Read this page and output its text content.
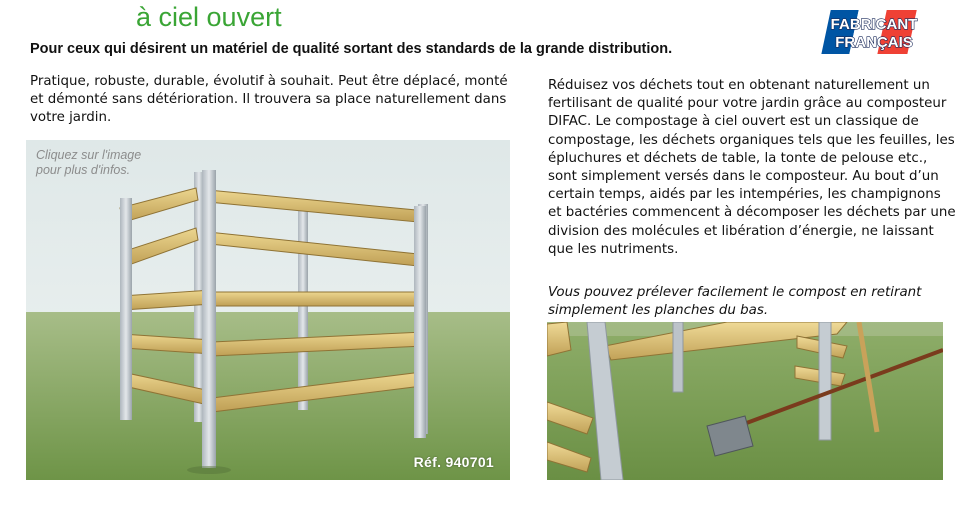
à ciel ouvert	FABRICANT
FRANÇAIS

Pour ceux qui désirent un matériel de qualité sortant des standards de la grande distribution.

Pratique, robuste, durable, évolutif à souhait. Peut être déplacé, monté et démonté sans détérioration. Il trouvera sa place naturellement dans votre jardin.

Cliquez sur l'image
pour plus d'infos.

Réf. 940701

Réduisez vos déchets tout en obtenant naturellement un fertilisant de qualité pour votre jardin grâce au composteur DIFAC. Le compostage à ciel ouvert est un classique de compostage, les déchets organiques tels que les feuilles, les épluchures et déchets de table, la tonte de pelouse etc., sont simplement versés dans le composteur. Au bout d’un certain temps, aidés par les intempéries, les champignons et bactéries commencent à décomposer les déchets par une division des molécules et libération d’énergie, ne laissant que les nutriments.

Vous pouvez prélever facilement le compost en retirant simplement les planches du bas.
